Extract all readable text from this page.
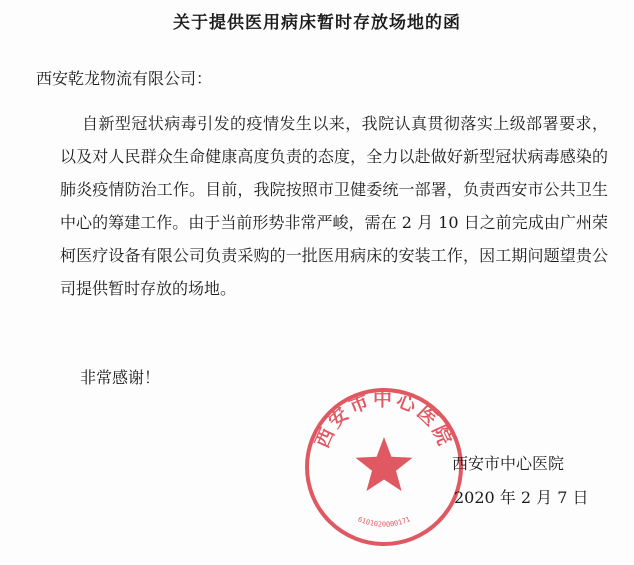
关于提供医用病床暂时存放场地的函
西安乾龙物流有限公司：
自新型冠状病毒引发的疫情发生以来，我院认真贯彻落实上级部署要求，以及对人民群众生命健康高度负责的态度，全力以赴做好新型冠状病毒感染的肺炎疫情防治工作。目前，我院按照市卫健委统一部署，负责西安市公共卫生中心的筹建工作。由于当前形势非常严峻，需在 2 月 10 日之前完成由广州荣柯医疗设备有限公司负责采购的一批医用病床的安装工作，因工期问题望贵公司提供暂时存放的场地。
非常感谢！
西安市中心医院
6101020000171
西安市中心医院
2020 年 2 月 7 日
